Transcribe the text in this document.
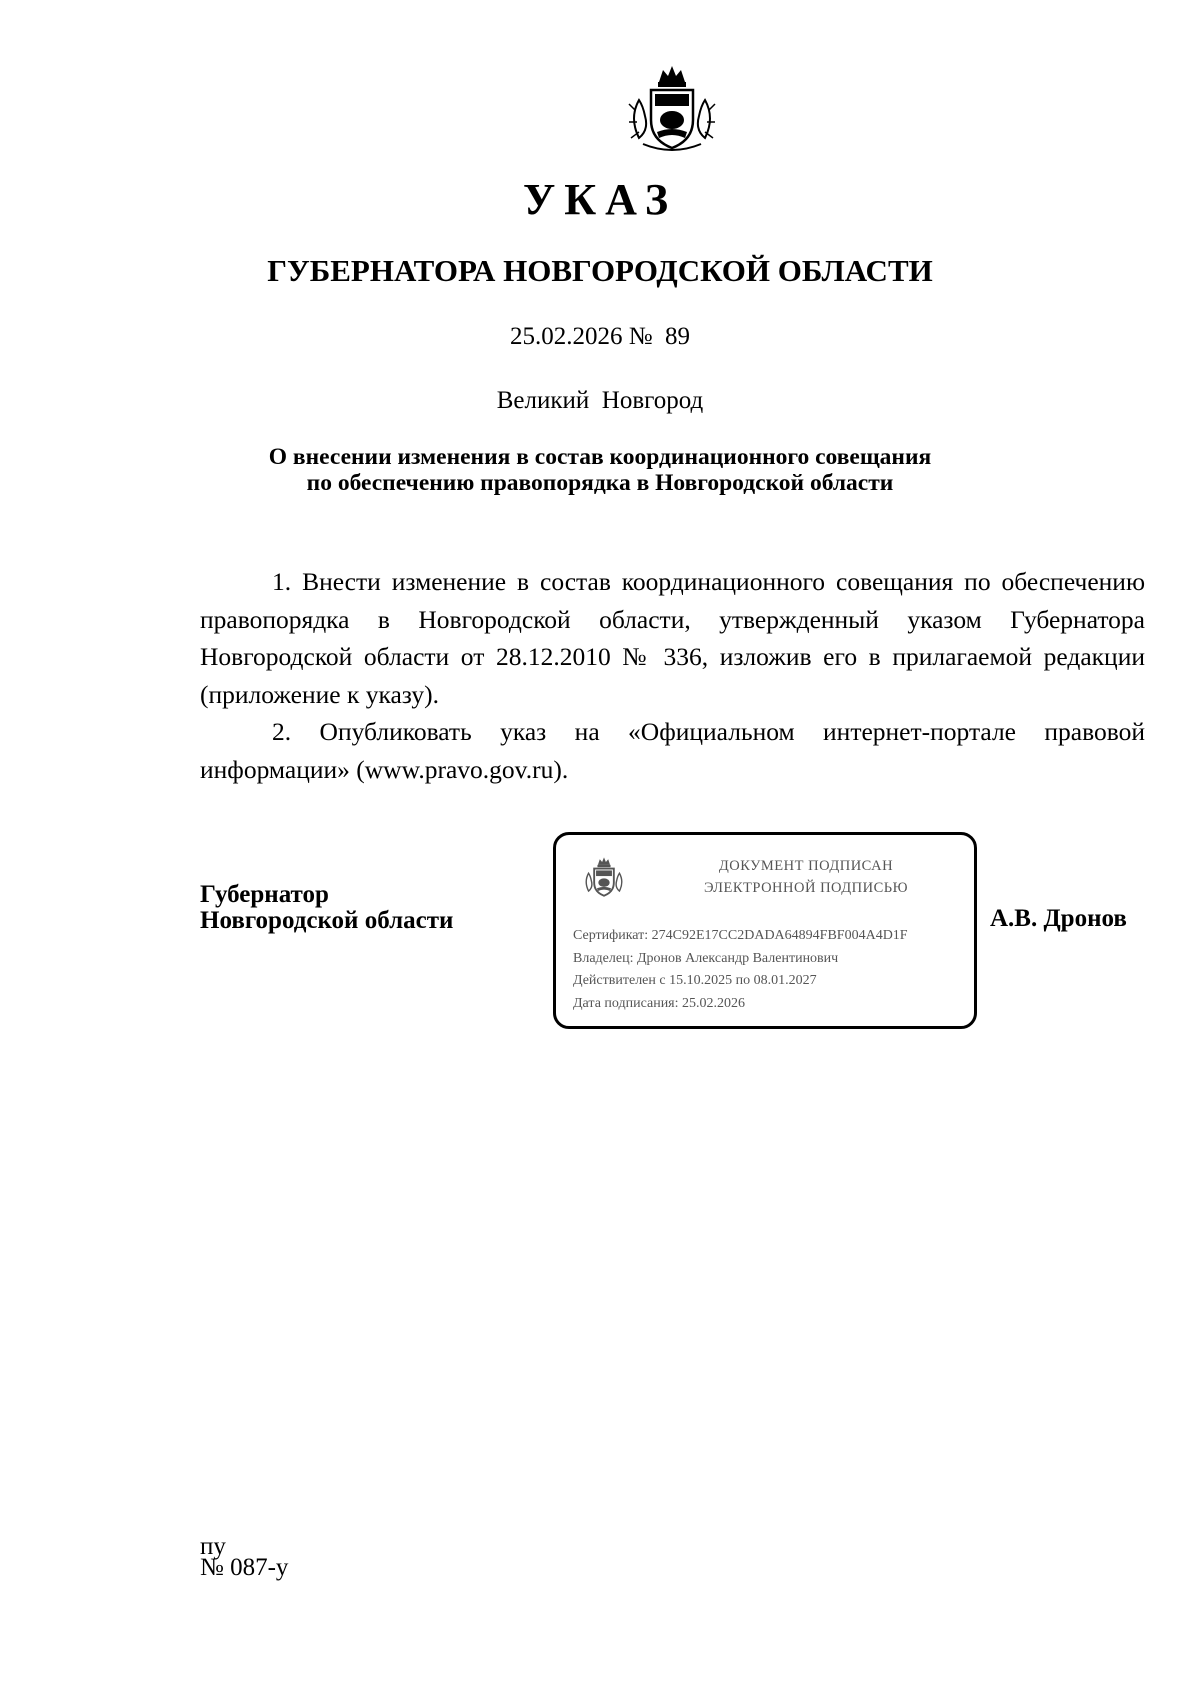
УКАЗ
ГУБЕРНАТОРА НОВГОРОДСКОЙ ОБЛАСТИ
25.02.2026 №  89
Великий  Новгород
О внесении изменения в состав координационного совещания
по обеспечению правопорядка в Новгородской области

1. Внести изменение в состав координационного совещания по обеспечению правопорядка в Новгородской области, утвержденный указом Губернатора Новгородской области от 28.12.2010 № 336, изложив его в прилагаемой редакции (приложение к указу).

2. Опубликовать указ на «Официальном интернет-портале правовой информации» (www.pravo.gov.ru).

Губернатор
Новгородской области
ДОКУМЕНТ ПОДПИСАН
ЭЛЕКТРОННОЙ ПОДПИСЬЮ
Сертификат: 274C92E17CC2DADA64894FBF004A4D1F
Владелец: Дронов Александр Валентинович
Действителен с 15.10.2025 по 08.01.2027
Дата подписания: 25.02.2026
А.В. Дронов
пу
№ 087-у
